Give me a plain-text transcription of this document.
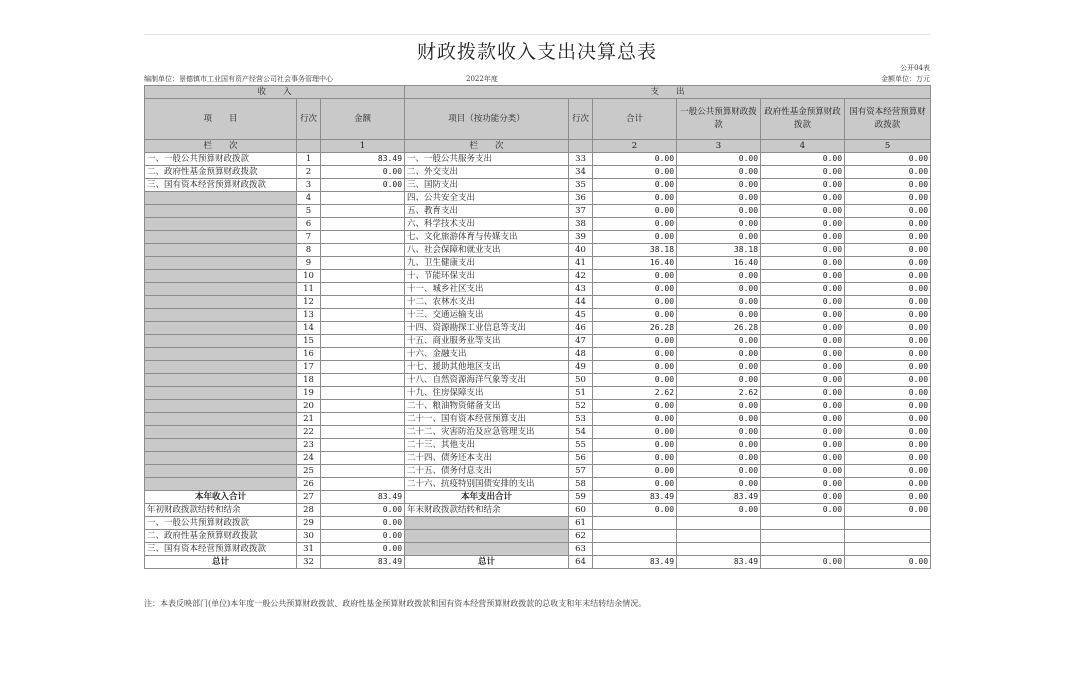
财政拨款收入支出决算总表
公开04表
编制单位：景德镇市工业国有资产经营公司社会事务管理中心	2022年度	金额单位：万元
收　　入			支　　出					
项　　目	行次	金额	项目（按功能分类）	行次	合计	一般公共预算财政拨款	政府性基金预算财政拨款	国有资本经营预算财政拨款
栏　　次		1	栏　　次		2	3	4	5
一、一般公共预算财政拨款	1	83.49	一、一般公共服务支出	33	0.00	0.00	0.00	0.00
二、政府性基金预算财政拨款	2	0.00	二、外交支出	34	0.00	0.00	0.00	0.00
三、国有资本经营预算财政拨款	3	0.00	三、国防支出	35	0.00	0.00	0.00	0.00
	4		四、公共安全支出	36	0.00	0.00	0.00	0.00
	5		五、教育支出	37	0.00	0.00	0.00	0.00
	6		六、科学技术支出	38	0.00	0.00	0.00	0.00
	7		七、文化旅游体育与传媒支出	39	0.00	0.00	0.00	0.00
	8		八、社会保障和就业支出	40	38.18	38.18	0.00	0.00
	9		九、卫生健康支出	41	16.40	16.40	0.00	0.00
	10		十、节能环保支出	42	0.00	0.00	0.00	0.00
	11		十一、城乡社区支出	43	0.00	0.00	0.00	0.00
	12		十二、农林水支出	44	0.00	0.00	0.00	0.00
	13		十三、交通运输支出	45	0.00	0.00	0.00	0.00
	14		十四、资源勘探工业信息等支出	46	26.28	26.28	0.00	0.00
	15		十五、商业服务业等支出	47	0.00	0.00	0.00	0.00
	16		十六、金融支出	48	0.00	0.00	0.00	0.00
	17		十七、援助其他地区支出	49	0.00	0.00	0.00	0.00
	18		十八、自然资源海洋气象等支出	50	0.00	0.00	0.00	0.00
	19		十九、住房保障支出	51	2.62	2.62	0.00	0.00
	20		二十、粮油物资储备支出	52	0.00	0.00	0.00	0.00
	21		二十一、国有资本经营预算支出	53	0.00	0.00	0.00	0.00
	22		二十二、灾害防治及应急管理支出	54	0.00	0.00	0.00	0.00
	23		二十三、其他支出	55	0.00	0.00	0.00	0.00
	24		二十四、债务还本支出	56	0.00	0.00	0.00	0.00
	25		二十五、债务付息支出	57	0.00	0.00	0.00	0.00
	26		二十六、抗疫特别国债安排的支出	58	0.00	0.00	0.00	0.00
本年收入合计	27	83.49	本年支出合计	59	83.49	83.49	0.00	0.00
年初财政拨款结转和结余	28	0.00	年末财政拨款结转和结余	60	0.00	0.00	0.00	0.00
一、一般公共预算财政拨款	29	0.00		61				
二、政府性基金预算财政拨款	30	0.00		62				
三、国有资本经营预算财政拨款	31	0.00		63				
总计	32	83.49	总计	64	83.49	83.49	0.00	0.00
注：本表反映部门(单位)本年度一般公共预算财政拨款、政府性基金预算财政拨款和国有资本经营预算财政拨款的总收支和年末结转结余情况。
